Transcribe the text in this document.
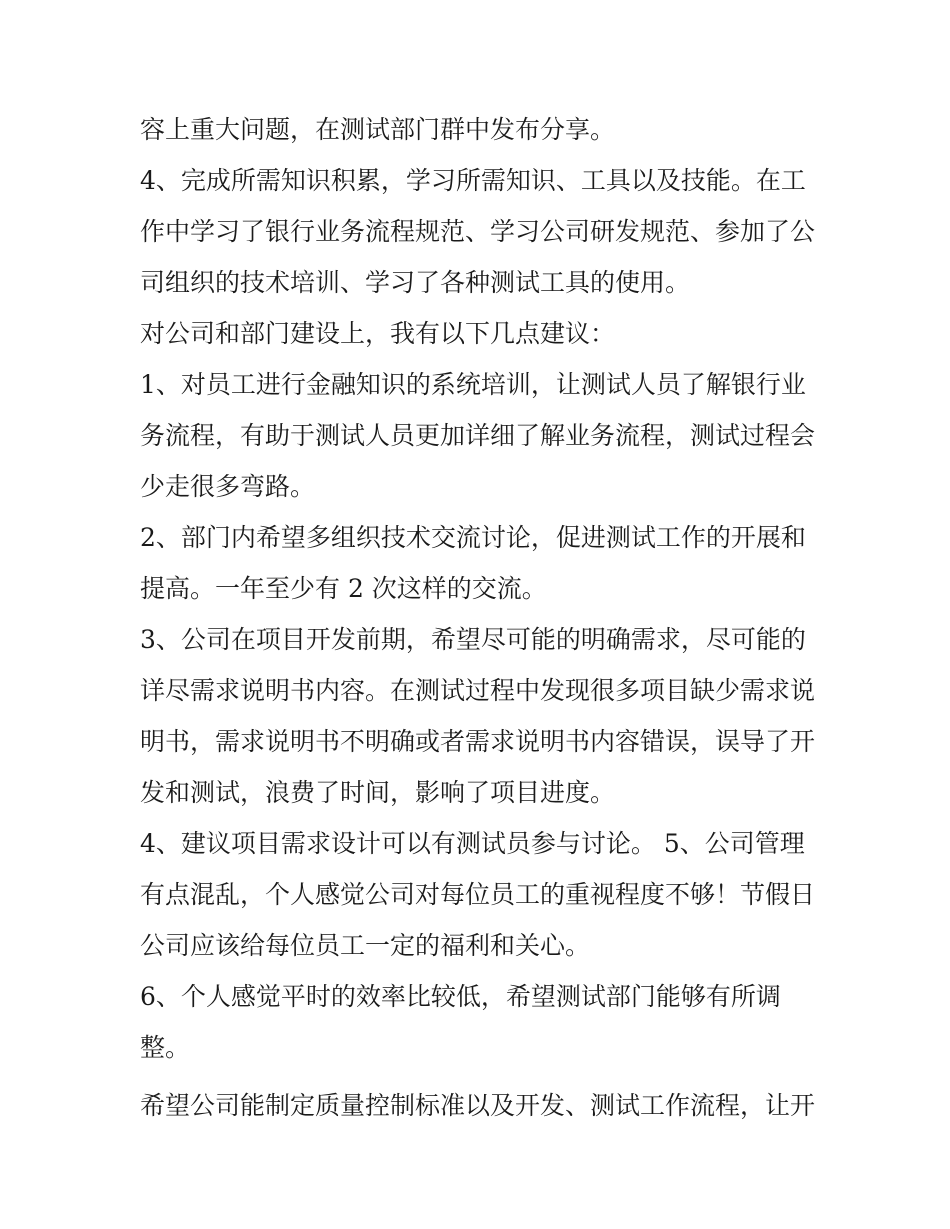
容上重大问题，在测试部门群中发布分享。

4、完成所需知识积累，学习所需知识、工具以及技能。在工

作中学习了银行业务流程规范、学习公司研发规范、参加了公

司组织的技术培训、学习了各种测试工具的使用。

对公司和部门建设上，我有以下几点建议：

1、对员工进行金融知识的系统培训，让测试人员了解银行业

务流程，有助于测试人员更加详细了解业务流程，测试过程会

少走很多弯路。

2、部门内希望多组织技术交流讨论，促进测试工作的开展和

提高。一年至少有 2 次这样的交流。

3、公司在项目开发前期，希望尽可能的明确需求，尽可能的

详尽需求说明书内容。在测试过程中发现很多项目缺少需求说

明书，需求说明书不明确或者需求说明书内容错误，误导了开

发和测试，浪费了时间，影响了项目进度。

4、建议项目需求设计可以有测试员参与讨论。 5、公司管理

有点混乱，个人感觉公司对每位员工的重视程度不够！节假日

公司应该给每位员工一定的福利和关心。

6、个人感觉平时的效率比较低，希望测试部门能够有所调

整。

希望公司能制定质量控制标准以及开发、测试工作流程，让开
